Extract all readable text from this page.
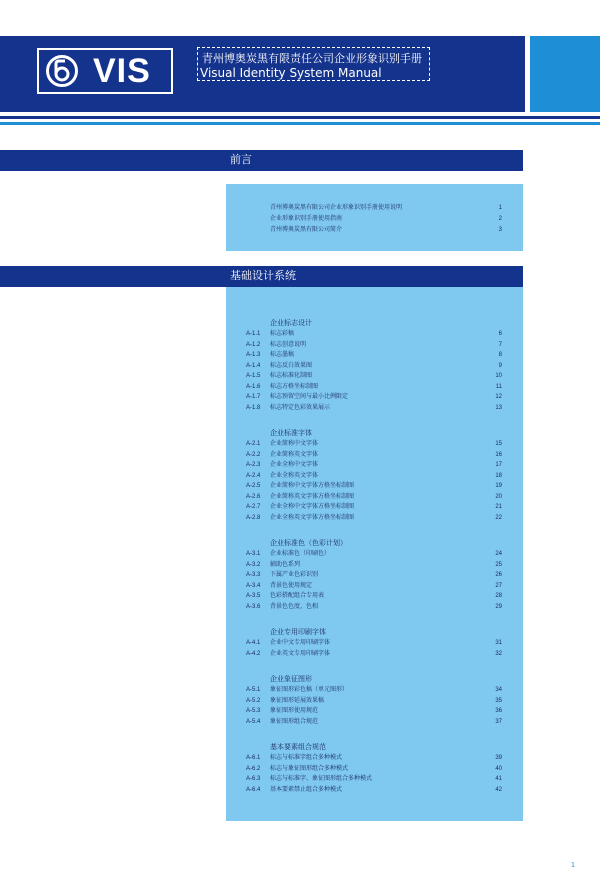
VIS	青州博奥炭黑有限责任公司企业形象识别手册
Visual Identity System Manual
前言
青州博奥炭黑有限公司企业形象识别手册使用说明	1
企业形象识别手册使用指南	2
青州博奥炭黑有限公司简介	3
基础设计系统
企业标志设计
A-1.1 标志彩稿	6
A-1.2 标志创意说明	7
A-1.3 标志墨稿	8
A-1.4 标志反白效果图	9
A-1.5 标志标准化制图	10
A-1.6 标志方格坐标制图	11
A-1.7 标志预留空间与最小比例限定	12
A-1.8 标志特定色彩效果展示	13
企业标准字体
A-2.1 企业简称中文字体	15
A-2.2 企业简称英文字体	16
A-2.3 企业全称中文字体	17
A-2.4 企业全称英文字体	18
A-2.5 企业简称中文字体方格坐标制图	19
A-2.6 企业简称英文字体方格坐标制图	20
A-2.7 企业全称中文字体方格坐标制图	21
A-2.8 企业全称英文字体方格坐标制图	22
企业标准色（色彩计划）
A-3.1 企业标准色（印刷色）	24
A-3.2 辅助色系列	25
A-3.3 下属产业色彩识别	26
A-3.4 背景色使用规定	27
A-3.5 色彩搭配组合专用表	28
A-3.6 背景色色度、色相	29
企业专用印刷字体
A-4.1 企业中文专用印刷字体	31
A-4.2 企业英文专用印刷字体	32
企业象征图形
A-5.1 象征图形彩色稿（单元图形）	34
A-5.2 象征图形延展效果稿	35
A-5.3 象征图形使用规范	36
A-5.4 象征图形组合规范	37
基本要素组合规范
A-6.1 标志与标准字组合多种模式	39
A-6.2 标志与象征图形组合多种模式	40
A-6.3 标志与标准字、象征图形组合多种模式	41
A-6.4 基本要素禁止组合多种模式	42
1
